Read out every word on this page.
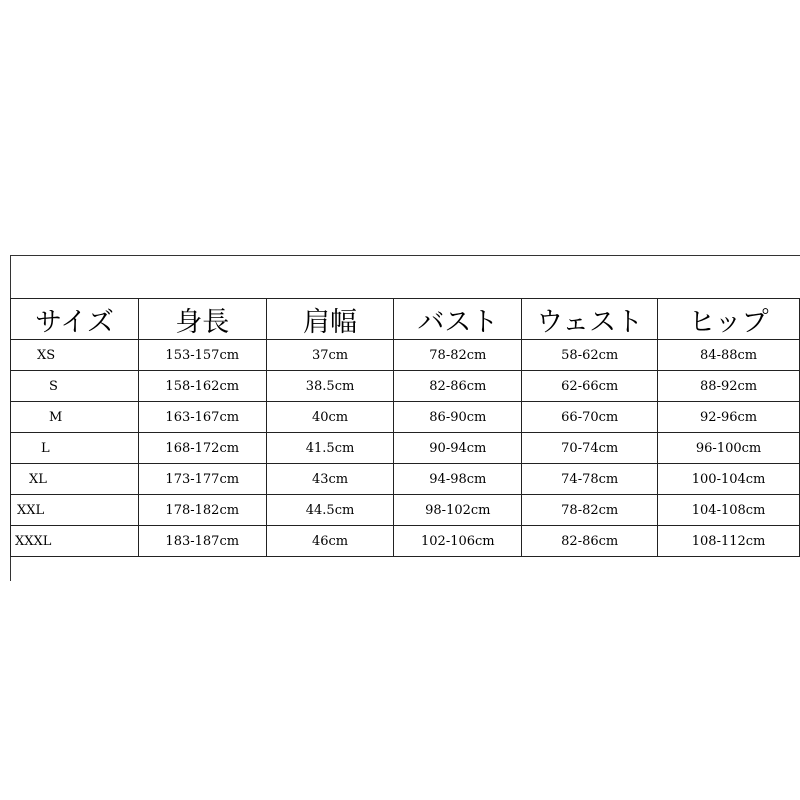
サイズ	身長	肩幅	バスト	ウェスト	ヒップ
XS	153-157cm	37cm	78-82cm	58-62cm	84-88cm
S	158-162cm	38.5cm	82-86cm	62-66cm	88-92cm
M	163-167cm	40cm	86-90cm	66-70cm	92-96cm
L	168-172cm	41.5cm	90-94cm	70-74cm	96-100cm
XL	173-177cm	43cm	94-98cm	74-78cm	100-104cm
XXL	178-182cm	44.5cm	98-102cm	78-82cm	104-108cm
XXXL	183-187cm	46cm	102-106cm	82-86cm	108-112cm
